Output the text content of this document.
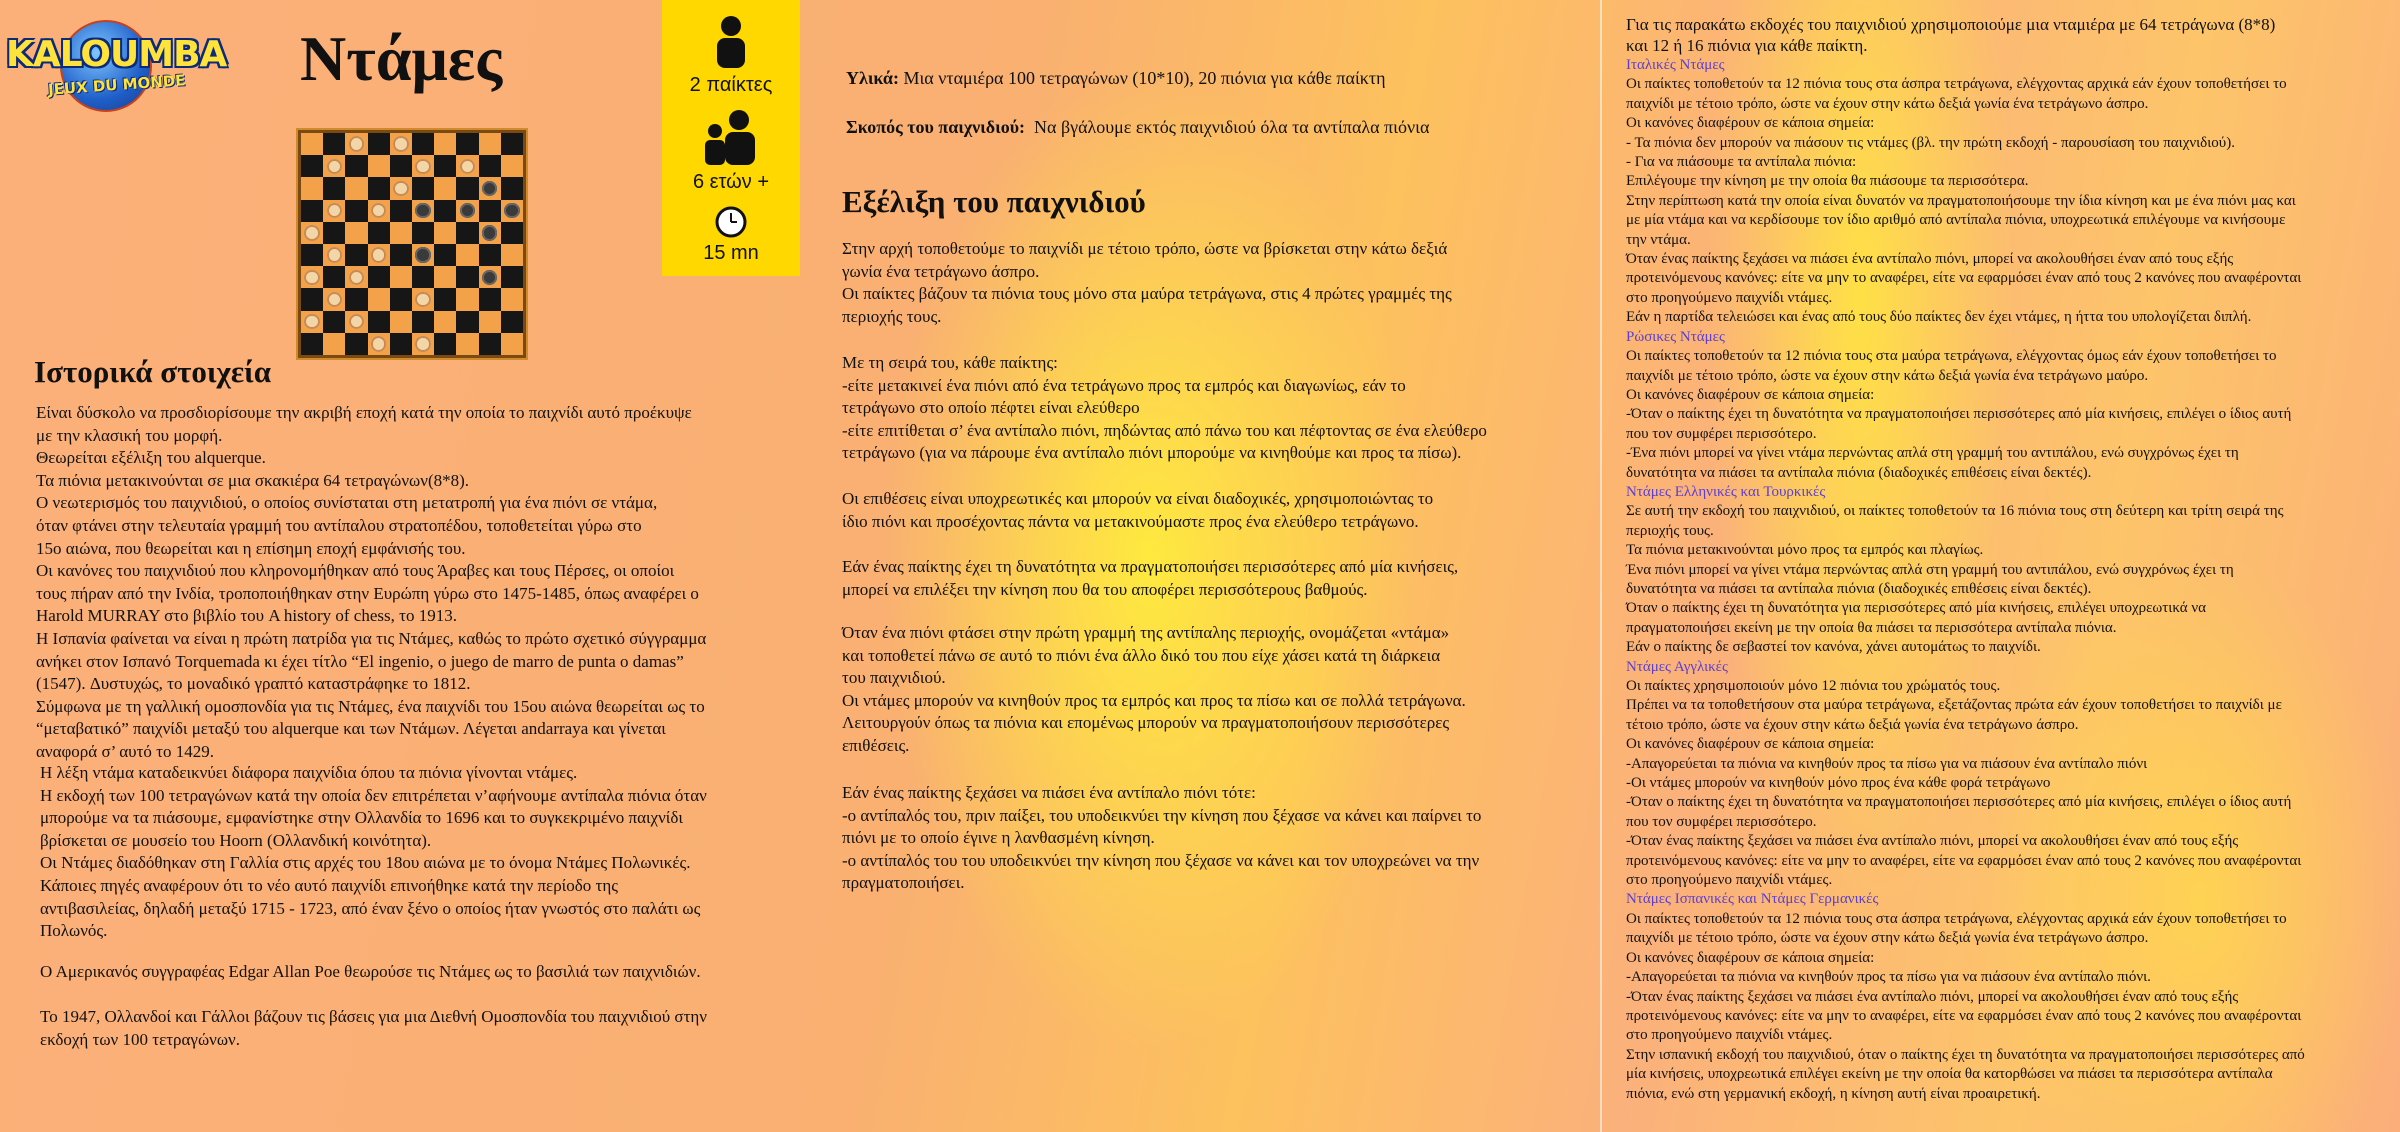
KALOUMBA
JEUX DU MONDE Ντάμες	2 παίκτες
6 ετών +
15 mn
Υλικά: Μια νταμιέρα 100 τετραγώνων (10*10), 20 πιόνια για κάθε παίκτη
Σκοπός του παιχνιδιού: Να βγάλουμε εκτός παιχνιδιού όλα τα αντίπαλα πιόνια
Ιστορικά στοιχεία
Είναι δύσκολο να προσδιορίσουμε την ακριβή εποχή κατά την οποία το παιχνίδι αυτό προέκυψε
με την κλασική του μορφή.
Θεωρείται εξέλιξη του alquerque.
Τα πιόνια μετακινούνται σε μια σκακιέρα 64 τετραγώνων(8*8).
Ο νεωτερισμός του παιχνιδιού, ο οποίος συνίσταται στη μετατροπή για ένα πιόνι σε ντάμα,
όταν φτάνει στην τελευταία γραμμή του αντίπαλου στρατοπέδου, τοποθετείται γύρω στο
15ο αιώνα, που θεωρείται και η επίσημη εποχή εμφάνισής του.
Οι κανόνες του παιχνιδιού που κληρονομήθηκαν από τους Άραβες και τους Πέρσες, οι οποίοι
τους πήραν από την Ινδία, τροποποιήθηκαν στην Ευρώπη γύρω στο 1475-1485, όπως αναφέρει ο
Harold MURRAY στο βιβλίο του A history of chess, το 1913.
Η Ισπανία φαίνεται να είναι η πρώτη πατρίδα για τις Ντάμες, καθώς το πρώτο σχετικό σύγγραμμα
ανήκει στον Ισπανό Torquemada κι έχει τίτλο “El ingenio, o juego de marro de punta o damas”
(1547). Δυστυχώς, το μοναδικό γραπτό καταστράφηκε το 1812.
Σύμφωνα με τη γαλλική ομοσπονδία για τις Ντάμες, ένα παιχνίδι του 15ου αιώνα θεωρείται ως το
“μεταβατικό” παιχνίδι μεταξύ του alquerque και των Ντάμων. Λέγεται andarraya και γίνεται
αναφορά σ’ αυτό το 1429.
Η λέξη ντάμα καταδεικνύει διάφορα παιχνίδια όπου τα πιόνια γίνονται ντάμες.
Η εκδοχή των 100 τετραγώνων κατά την οποία δεν επιτρέπεται ν’αφήνουμε αντίπαλα πιόνια όταν
μπορούμε να τα πιάσουμε, εμφανίστηκε στην Ολλανδία το 1696 και το συγκεκριμένο παιχνίδι
βρίσκεται σε μουσείο του Hoorn (Ολλανδική κοινότητα).
Οι Ντάμες διαδόθηκαν στη Γαλλία στις αρχές του 18ου αιώνα με το όνομα Ντάμες Πολωνικές.
Κάποιες πηγές αναφέρουν ότι το νέο αυτό παιχνίδι επινοήθηκε κατά την περίοδο της
αντιβασιλείας, δηλαδή μεταξύ 1715 - 1723, από έναν ξένο ο οποίος ήταν γνωστός στο παλάτι ως
Πολωνός.
Ο Αμερικανός συγγραφέας Edgar Allan Poe θεωρούσε τις Ντάμες ως το βασιλιά των παιχνιδιών.
Το 1947, Ολλανδοί και Γάλλοι βάζουν τις βάσεις για μια Διεθνή Ομοσπονδία του παιχνιδιού στην
εκδοχή των 100 τετραγώνων.
Εξέλιξη του παιχνιδιού
Στην αρχή τοποθετούμε το παιχνίδι με τέτοιο τρόπο, ώστε να βρίσκεται στην κάτω δεξιά
γωνία ένα τετράγωνο άσπρο.
Οι παίκτες βάζουν τα πιόνια τους μόνο στα μαύρα τετράγωνα, στις 4 πρώτες γραμμές της
περιοχής τους.
Με τη σειρά του, κάθε παίκτης:
-είτε μετακινεί ένα πιόνι από ένα τετράγωνο προς τα εμπρός και διαγωνίως, εάν το
τετράγωνο στο οποίο πέφτει είναι ελεύθερο
-είτε επιτίθεται σ’ ένα αντίπαλο πιόνι, πηδώντας από πάνω του και πέφτοντας σε ένα ελεύθερο
τετράγωνο (για να πάρουμε ένα αντίπαλο πιόνι μπορούμε να κινηθούμε και προς τα πίσω).
Οι επιθέσεις είναι υποχρεωτικές και μπορούν να είναι διαδοχικές, χρησιμοποιώντας το
ίδιο πιόνι και προσέχοντας πάντα να μετακινούμαστε προς ένα ελεύθερο τετράγωνο.
Εάν ένας παίκτης έχει τη δυνατότητα να πραγματοποιήσει περισσότερες από μία κινήσεις,
μπορεί να επιλέξει την κίνηση που θα του αποφέρει περισσότερους βαθμούς.
Όταν ένα πιόνι φτάσει στην πρώτη γραμμή της αντίπαλης περιοχής, ονομάζεται «ντάμα»
και τοποθετεί πάνω σε αυτό το πιόνι ένα άλλο δικό του που είχε χάσει κατά τη διάρκεια
του παιχνιδιού.
Οι ντάμες μπορούν να κινηθούν προς τα εμπρός και προς τα πίσω και σε πολλά τετράγωνα.
Λειτουργούν όπως τα πιόνια και επομένως μπορούν να πραγματοποιήσουν περισσότερες
επιθέσεις.
Εάν ένας παίκτης ξεχάσει να πιάσει ένα αντίπαλο πιόνι τότε:
-ο αντίπαλός του, πριν παίξει, του υποδεικνύει την κίνηση που ξέχασε να κάνει και παίρνει το
πιόνι με το οποίο έγινε η λανθασμένη κίνηση.
-ο αντίπαλός του του υποδεικνύει την κίνηση που ξέχασε να κάνει και τον υποχρεώνει να την
πραγματοποιήσει.
Για τις παρακάτω εκδοχές του παιχνιδιού χρησιμοποιούμε μια νταμιέρα με 64 τετράγωνα (8*8)
και 12 ή 16 πιόνια για κάθε παίκτη.
Ιταλικές Ντάμες
Οι παίκτες τοποθετούν τα 12 πιόνια τους στα άσπρα τετράγωνα, ελέγχοντας αρχικά εάν έχουν τοποθετήσει το
παιχνίδι με τέτοιο τρόπο, ώστε να έχουν στην κάτω δεξιά γωνία ένα τετράγωνο άσπρο.
Οι κανόνες διαφέρουν σε κάποια σημεία:
- Τα πιόνια δεν μπορούν να πιάσουν τις ντάμες (βλ. την πρώτη εκδοχή - παρουσίαση του παιχνιδιού).
- Για να πιάσουμε τα αντίπαλα πιόνια:
Επιλέγουμε την κίνηση με την οποία θα πιάσουμε τα περισσότερα.
Στην περίπτωση κατά την οποία είναι δυνατόν να πραγματοποιήσουμε την ίδια κίνηση και με ένα πιόνι μας και
με μία ντάμα και να κερδίσουμε τον ίδιο αριθμό από αντίπαλα πιόνια, υποχρεωτικά επιλέγουμε να κινήσουμε
την ντάμα.
Όταν ένας παίκτης ξεχάσει να πιάσει ένα αντίπαλο πιόνι, μπορεί να ακολουθήσει έναν από τους εξής
προτεινόμενους κανόνες: είτε να μην το αναφέρει, είτε να εφαρμόσει έναν από τους 2 κανόνες που αναφέρονται
στο προηγούμενο παιχνίδι ντάμες.
Εάν η παρτίδα τελειώσει και ένας από τους δύο παίκτες δεν έχει ντάμες, η ήττα του υπολογίζεται διπλή.
Ρώσικες Ντάμες
Οι παίκτες τοποθετούν τα 12 πιόνια τους στα μαύρα τετράγωνα, ελέγχοντας όμως εάν έχουν τοποθετήσει το
παιχνίδι με τέτοιο τρόπο, ώστε να έχουν στην κάτω δεξιά γωνία ένα τετράγωνο μαύρο.
Οι κανόνες διαφέρουν σε κάποια σημεία:
-Όταν ο παίκτης έχει τη δυνατότητα να πραγματοποιήσει περισσότερες από μία κινήσεις, επιλέγει ο ίδιος αυτή
που τον συμφέρει περισσότερο.
-Ένα πιόνι μπορεί να γίνει ντάμα περνώντας απλά στη γραμμή του αντιπάλου, ενώ συγχρόνως έχει τη
δυνατότητα να πιάσει τα αντίπαλα πιόνια (διαδοχικές επιθέσεις είναι δεκτές).
Ντάμες Ελληνικές και Τουρκικές
Σε αυτή την εκδοχή του παιχνιδιού, οι παίκτες τοποθετούν τα 16 πιόνια τους στη δεύτερη και τρίτη σειρά της
περιοχής τους.
Τα πιόνια μετακινούνται μόνο προς τα εμπρός και πλαγίως.
Ένα πιόνι μπορεί να γίνει ντάμα περνώντας απλά στη γραμμή του αντιπάλου, ενώ συγχρόνως έχει τη
δυνατότητα να πιάσει τα αντίπαλα πιόνια (διαδοχικές επιθέσεις είναι δεκτές).
Όταν ο παίκτης έχει τη δυνατότητα για περισσότερες από μία κινήσεις, επιλέγει υποχρεωτικά να
πραγματοποιήσει εκείνη με την οποία θα πιάσει τα περισσότερα αντίπαλα πιόνια.
Εάν ο παίκτης δε σεβαστεί τον κανόνα, χάνει αυτομάτως το παιχνίδι.
Ντάμες Αγγλικές
Οι παίκτες χρησιμοποιούν μόνο 12 πιόνια του χρώματός τους.
Πρέπει να τα τοποθετήσουν στα μαύρα τετράγωνα, εξετάζοντας πρώτα εάν έχουν τοποθετήσει το παιχνίδι με
τέτοιο τρόπο, ώστε να έχουν στην κάτω δεξιά γωνία ένα τετράγωνο άσπρο.
Οι κανόνες διαφέρουν σε κάποια σημεία:
-Απαγορεύεται τα πιόνια να κινηθούν προς τα πίσω για να πιάσουν ένα αντίπαλο πιόνι
-Οι ντάμες μπορούν να κινηθούν μόνο προς ένα κάθε φορά τετράγωνο
-Όταν ο παίκτης έχει τη δυνατότητα να πραγματοποιήσει περισσότερες από μία κινήσεις, επιλέγει ο ίδιος αυτή
που τον συμφέρει περισσότερο.
-Όταν ένας παίκτης ξεχάσει να πιάσει ένα αντίπαλο πιόνι, μπορεί να ακολουθήσει έναν από τους εξής
προτεινόμενους κανόνες: είτε να μην το αναφέρει, είτε να εφαρμόσει έναν από τους 2 κανόνες που αναφέρονται
στο προηγούμενο παιχνίδι ντάμες.
Ντάμες Ισπανικές και Ντάμες Γερμανικές
Οι παίκτες τοποθετούν τα 12 πιόνια τους στα άσπρα τετράγωνα, ελέγχοντας αρχικά εάν έχουν τοποθετήσει το
παιχνίδι με τέτοιο τρόπο, ώστε να έχουν στην κάτω δεξιά γωνία ένα τετράγωνο άσπρο.
Οι κανόνες διαφέρουν σε κάποια σημεία:
-Απαγορεύεται τα πιόνια να κινηθούν προς τα πίσω για να πιάσουν ένα αντίπαλο πιόνι.
-Όταν ένας παίκτης ξεχάσει να πιάσει ένα αντίπαλο πιόνι, μπορεί να ακολουθήσει έναν από τους εξής
προτεινόμενους κανόνες: είτε να μην το αναφέρει, είτε να εφαρμόσει έναν από τους 2 κανόνες που αναφέρονται
στο προηγούμενο παιχνίδι ντάμες.
Στην ισπανική εκδοχή του παιχνιδιού, όταν ο παίκτης έχει τη δυνατότητα να πραγματοποιήσει περισσότερες από
μία κινήσεις, υποχρεωτικά επιλέγει εκείνη με την οποία θα κατορθώσει να πιάσει τα περισσότερα αντίπαλα
πιόνια, ενώ στη γερμανική εκδοχή, η κίνηση αυτή είναι προαιρετική.
